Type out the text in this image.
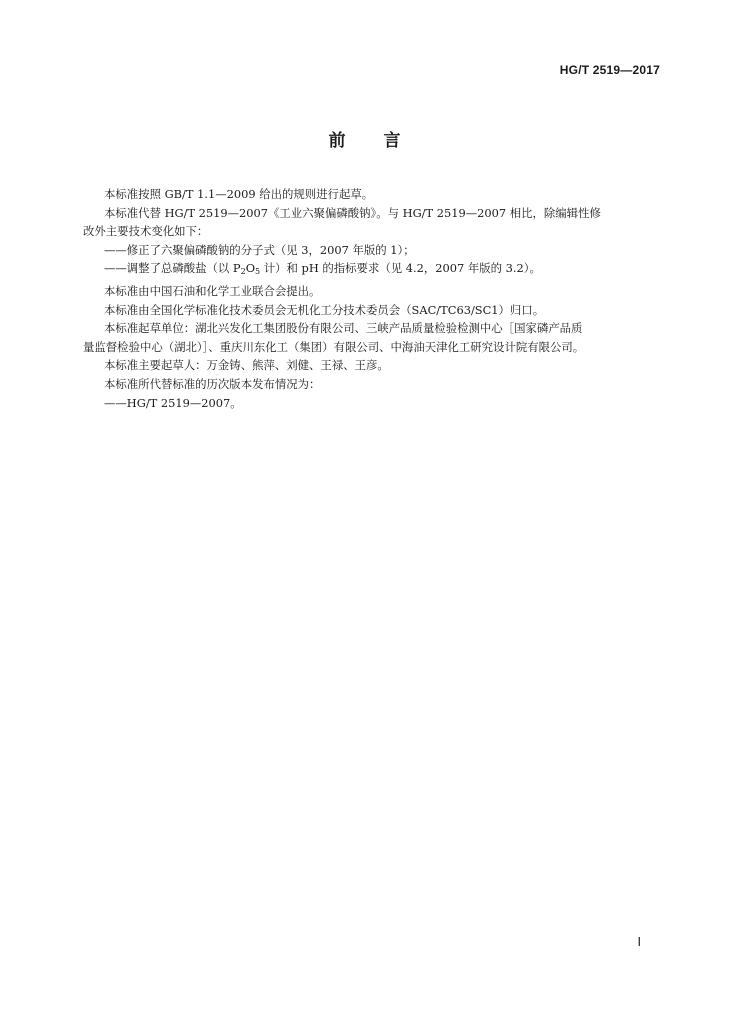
HG/T 2519—2017
前 言

本标准按照 GB/T 1.1—2009 给出的规则进行起草。

本标准代替 HG/T 2519—2007《工业六聚偏磷酸钠》。与 HG/T 2519—2007 相比，除编辑性修

改外主要技术变化如下：

——修正了六聚偏磷酸钠的分子式（见 3，2007 年版的 1）；

——调整了总磷酸盐（以 $P_2O_5$ 计）和 pH 的指标要求（见 4.2，2007 年版的 3.2）。

本标准由中国石油和化学工业联合会提出。

本标准由全国化学标准化技术委员会无机化工分技术委员会（SAC/TC63/SC1）归口。

本标准起草单位：湖北兴发化工集团股份有限公司、三峡产品质量检验检测中心［国家磷产品质

量监督检验中心（湖北）］、重庆川东化工（集团）有限公司、中海油天津化工研究设计院有限公司。

本标准主要起草人：万金铸、熊萍、刘健、王禄、王彦。

本标准所代替标准的历次版本发布情况为：

——HG/T 2519—2007。

I
